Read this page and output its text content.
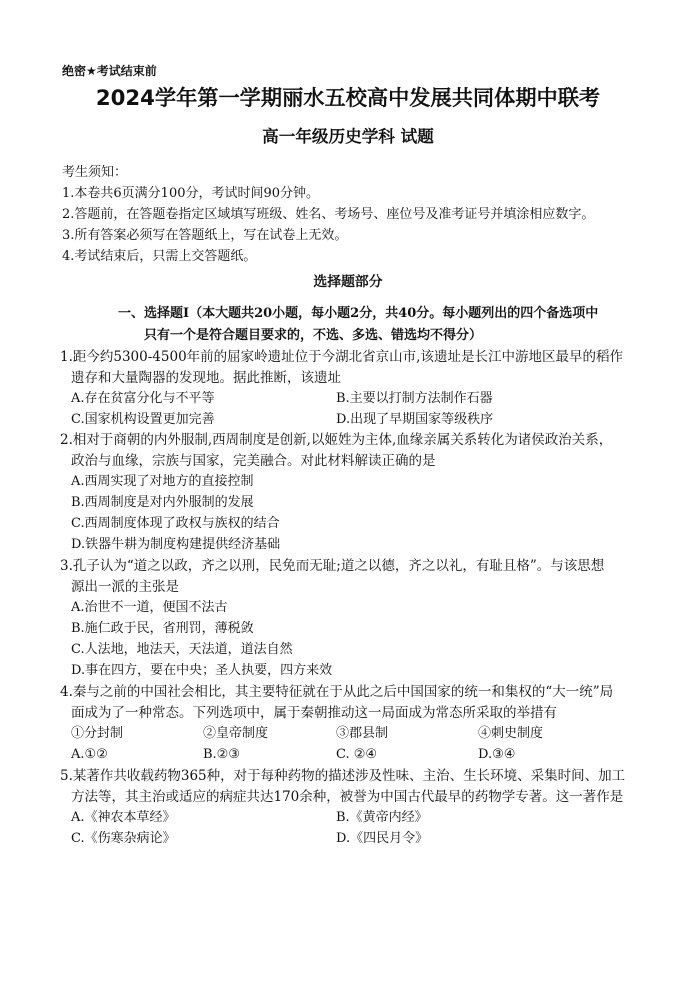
绝密★考试结束前
2024学年第一学期丽水五校高中发展共同体期中联考
高一年级历史学科 试题
考生须知：
1.本卷共6页满分100分，考试时间90分钟。
2.答题前，在答题卷指定区域填写班级、姓名、考场号、座位号及准考证号并填涂相应数字。
3.所有答案必须写在答题纸上，写在试卷上无效。
4.考试结束后，只需上交答题纸。
选择题部分
一、选择题Ⅰ（本大题共20小题，每小题2分，共40分。每小题列出的四个备选项中
只有一个是符合题目要求的，不选、多选、错选均不得分）
1.距今约5300-4500年前的屈家岭遗址位于今湖北省京山市,该遗址是长江中游地区最早的稻作
遗存和大量陶器的发现地。据此推断，该遗址
A.存在贫富分化与不平等	B.主要以打制方法制作石器
C.国家机构设置更加完善	D.出现了早期国家等级秩序
2.相对于商朝的内外服制,西周制度是创新,以姬姓为主体,血缘亲属关系转化为诸侯政治关系，
政治与血缘，宗族与国家，完美融合。对此材料解读正确的是
A.西周实现了对地方的直接控制
B.西周制度是对内外服制的发展
C.西周制度体现了政权与族权的结合
D.铁器牛耕为制度构建提供经济基础
3.孔子认为“道之以政，齐之以刑，民免而无耻;道之以德，齐之以礼，有耻且格”。与该思想
源出一派的主张是
A.治世不一道，便国不法古
B.施仁政于民，省刑罚，薄税敛
C.人法地，地法天，天法道，道法自然
D.事在四方，要在中央；圣人执要，四方来效
4.秦与之前的中国社会相比，其主要特征就在于从此之后中国国家的统一和集权的“大一统”局
面成为了一种常态。下列选项中，属于秦朝推动这一局面成为常态所采取的举措有
①分封制	②皇帝制度	③郡县制	④刺史制度
A.①②	B.②③	C. ②④	D.③④
5.某著作共收载药物365种，对于每种药物的描述涉及性味、主治、生长环境、采集时间、加工
方法等，其主治或适应的病症共达170余种，被誉为中国古代最早的药物学专著。这一著作是
A.《神农本草经》	B.《黄帝内经》
C.《伤寒杂病论》	D.《四民月令》
